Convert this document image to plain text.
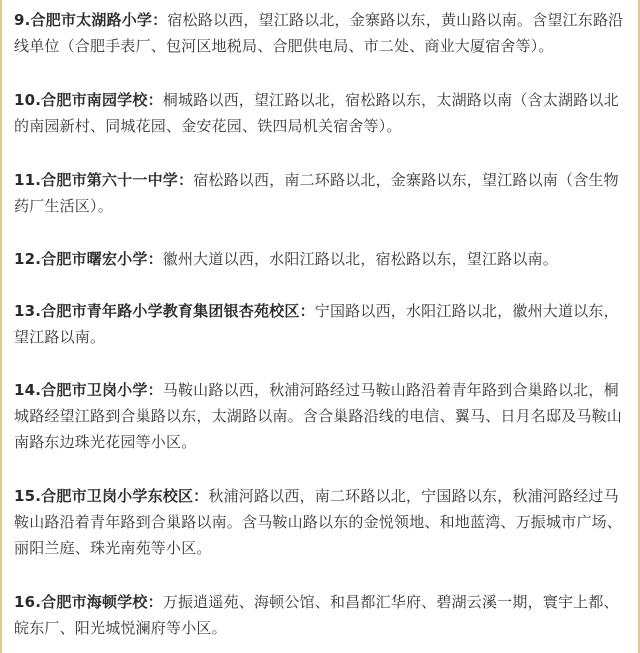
9.合肥市太湖路小学：宿松路以西，望江路以北，金寨路以东，黄山路以南。含望江东路沿线单位（合肥手表厂、包河区地税局、合肥供电局、市二处、商业大厦宿舍等）。
10.合肥市南园学校：桐城路以西，望江路以北，宿松路以东，太湖路以南（含太湖路以北的南园新村、同城花园、金安花园、铁四局机关宿舍等）。
11.合肥市第六十一中学：宿松路以西，南二环路以北，金寨路以东，望江路以南（含生物药厂生活区）。
12.合肥市曙宏小学：徽州大道以西，水阳江路以北，宿松路以东，望江路以南。
13.合肥市青年路小学教育集团银杏苑校区：宁国路以西，水阳江路以北，徽州大道以东，望江路以南。
14.合肥市卫岗小学：马鞍山路以西，秋浦河路经过马鞍山路沿着青年路到合巢路以北，桐城路经望江路到合巢路以东，太湖路以南。含合巢路沿线的电信、翼马、日月名邸及马鞍山南路东边珠光花园等小区。
15.合肥市卫岗小学东校区：秋浦河路以西，南二环路以北，宁国路以东，秋浦河路经过马鞍山路沿着青年路到合巢路以南。含马鞍山路以东的金悦领地、和地蓝湾、万振城市广场、丽阳兰庭、珠光南苑等小区。
16.合肥市海顿学校：万振逍遥苑、海顿公馆、和昌都汇华府、碧湖云溪一期，寰宇上都、皖东厂、阳光城悦澜府等小区。
